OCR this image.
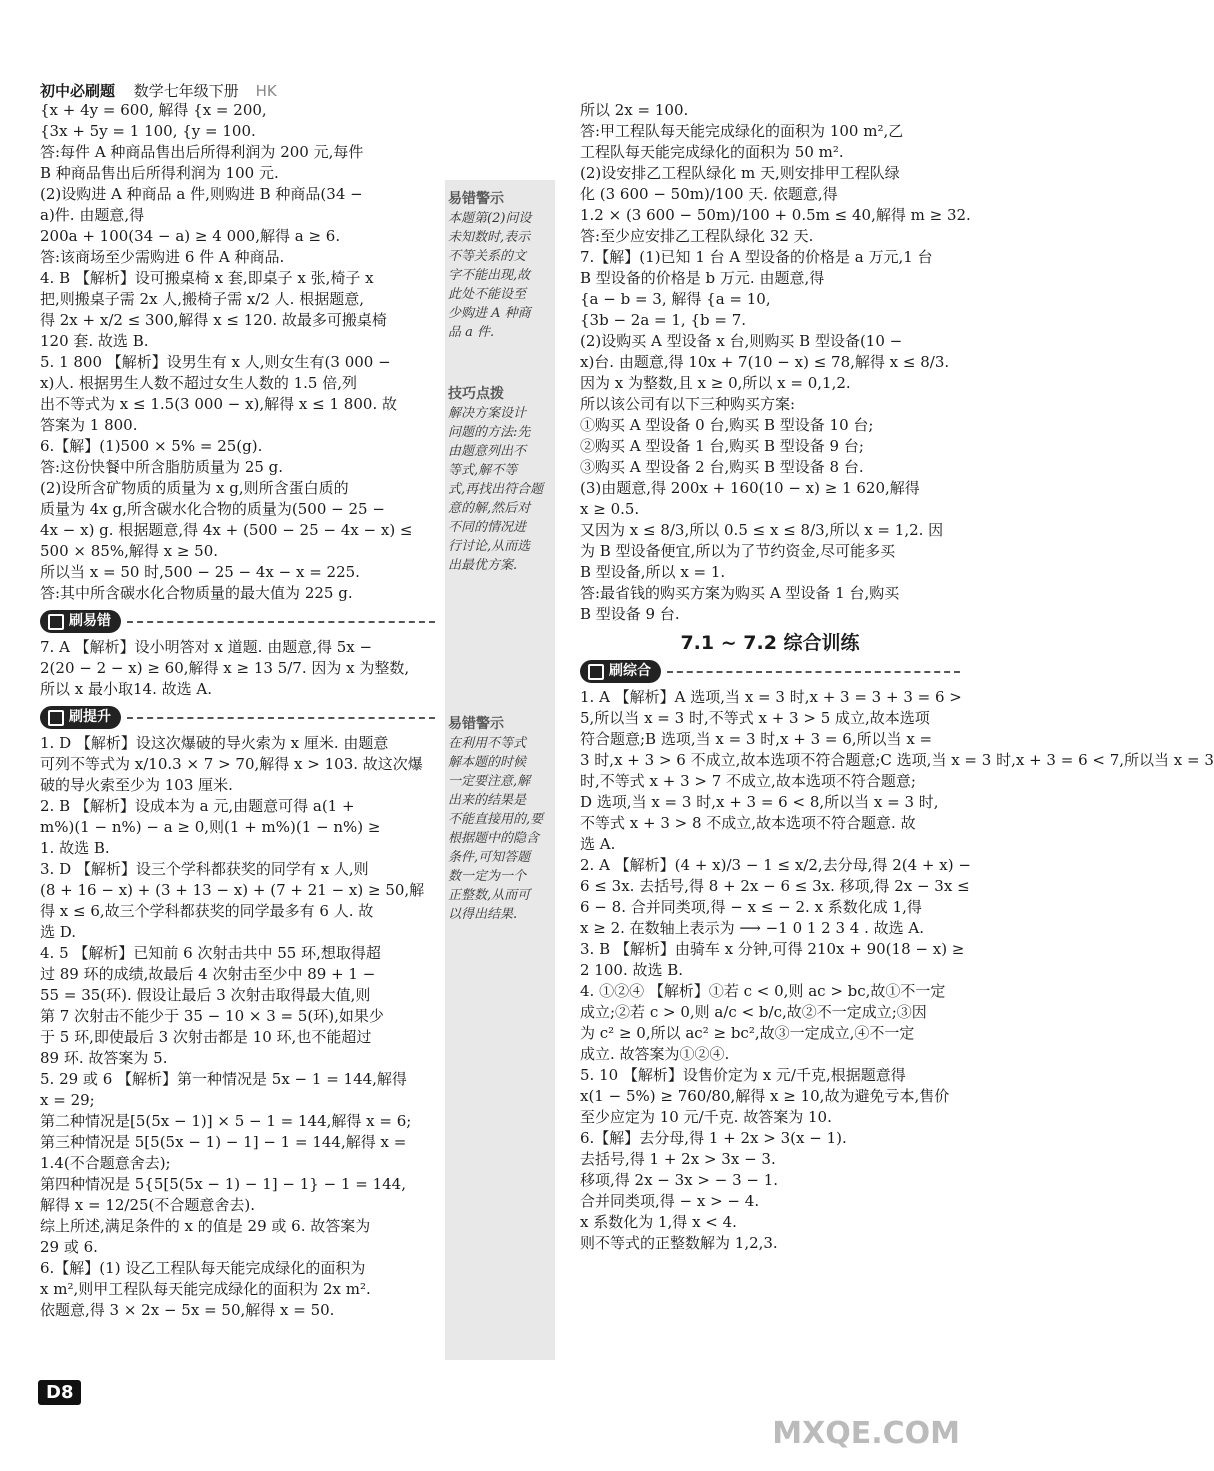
初中必刷题 数学七年级下册 HK
{x + 4y = 600, 解得 {x = 200,
{3x + 5y = 1 100, {y = 100.
答:每件 A 种商品售出后所得利润为 200 元,每件
B 种商品售出后所得利润为 100 元.
(2)设购进 A 种商品 a 件,则购进 B 种商品(34 −
a)件. 由题意,得
200a + 100(34 − a) ≥ 4 000,解得 a ≥ 6.
答:该商场至少需购进 6 件 A 种商品.
4. B 【解析】设可搬桌椅 x 套,即桌子 x 张,椅子 x
把,则搬桌子需 2x 人,搬椅子需 x/2 人. 根据题意,
得 2x + x/2 ≤ 300,解得 x ≤ 120. 故最多可搬桌椅
120 套. 故选 B.
5. 1 800 【解析】设男生有 x 人,则女生有(3 000 −
x)人. 根据男生人数不超过女生人数的 1.5 倍,列
出不等式为 x ≤ 1.5(3 000 − x),解得 x ≤ 1 800. 故
答案为 1 800.
6.【解】(1)500 × 5% = 25(g).
答:这份快餐中所含脂肪质量为 25 g.
(2)设所含矿物质的质量为 x g,则所含蛋白质的
质量为 4x g,所含碳水化合物的质量为(500 − 25 −
4x − x) g. 根据题意,得 4x + (500 − 25 − 4x − x) ≤
500 × 85%,解得 x ≥ 50.
所以当 x = 50 时,500 − 25 − 4x − x = 225.
答:其中所含碳水化合物质量的最大值为 225 g.
刷易错
7. A 【解析】设小明答对 x 道题. 由题意,得 5x −
2(20 − 2 − x) ≥ 60,解得 x ≥ 13 5/7. 因为 x 为整数,
所以 x 最小取14. 故选 A.
刷提升
1. D 【解析】设这次爆破的导火索为 x 厘米. 由题意
可列不等式为 x/10.3 × 7 > 70,解得 x > 103. 故这次爆
破的导火索至少为 103 厘米.
2. B 【解析】设成本为 a 元,由题意可得 a(1 +
m%)(1 − n%) − a ≥ 0,则(1 + m%)(1 − n%) ≥
1. 故选 B.
3. D 【解析】设三个学科都获奖的同学有 x 人,则
(8 + 16 − x) + (3 + 13 − x) + (7 + 21 − x) ≥ 50,解
得 x ≤ 6,故三个学科都获奖的同学最多有 6 人. 故
选 D.
4. 5 【解析】已知前 6 次射击共中 55 环,想取得超
过 89 环的成绩,故最后 4 次射击至少中 89 + 1 −
55 = 35(环). 假设让最后 3 次射击取得最大值,则
第 7 次射击不能少于 35 − 10 × 3 = 5(环),如果少
于 5 环,即使最后 3 次射击都是 10 环,也不能超过
89 环. 故答案为 5.
5. 29 或 6 【解析】第一种情况是 5x − 1 = 144,解得
x = 29;
第二种情况是[5(5x − 1)] × 5 − 1 = 144,解得 x = 6;
第三种情况是 5[5(5x − 1) − 1] − 1 = 144,解得 x =
1.4(不合题意舍去);
第四种情况是 5{5[5(5x − 1) − 1] − 1} − 1 = 144,
解得 x = 12/25(不合题意舍去).
综上所述,满足条件的 x 的值是 29 或 6. 故答案为
29 或 6.
6.【解】(1) 设乙工程队每天能完成绿化的面积为
x m²,则甲工程队每天能完成绿化的面积为 2x m².
依题意,得 3 × 2x − 5x = 50,解得 x = 50.
易错警示
本题第(2)问设
未知数时,表示
不等关系的文
字不能出现,故
此处不能设至
少购进 A 种商
品 a 件.
技巧点拨
解决方案设计
问题的方法:先
由题意列出不
等式,解不等
式,再找出符合题
意的解,然后对
不同的情况进
行讨论,从而选
出最优方案.
易错警示
在利用不等式
解本题的时候
一定要注意,解
出来的结果是
不能直接用的,要
根据题中的隐含
条件,可知答题
数一定为一个
正整数,从而可
以得出结果.
所以 2x = 100.
答:甲工程队每天能完成绿化的面积为 100 m²,乙
工程队每天能完成绿化的面积为 50 m².
(2)设安排乙工程队绿化 m 天,则安排甲工程队绿
化 (3 600 − 50m)/100 天. 依题意,得
1.2 × (3 600 − 50m)/100 + 0.5m ≤ 40,解得 m ≥ 32.
答:至少应安排乙工程队绿化 32 天.
7.【解】(1)已知 1 台 A 型设备的价格是 a 万元,1 台
B 型设备的价格是 b 万元. 由题意,得
{a − b = 3, 解得 {a = 10,
{3b − 2a = 1, {b = 7.
(2)设购买 A 型设备 x 台,则购买 B 型设备(10 −
x)台. 由题意,得 10x + 7(10 − x) ≤ 78,解得 x ≤ 8/3.
因为 x 为整数,且 x ≥ 0,所以 x = 0,1,2.
所以该公司有以下三种购买方案:
①购买 A 型设备 0 台,购买 B 型设备 10 台;
②购买 A 型设备 1 台,购买 B 型设备 9 台;
③购买 A 型设备 2 台,购买 B 型设备 8 台.
(3)由题意,得 200x + 160(10 − x) ≥ 1 620,解得
x ≥ 0.5.
又因为 x ≤ 8/3,所以 0.5 ≤ x ≤ 8/3,所以 x = 1,2. 因
为 B 型设备便宜,所以为了节约资金,尽可能多买
B 型设备,所以 x = 1.
答:最省钱的购买方案为购买 A 型设备 1 台,购买
B 型设备 9 台.
7.1 ~ 7.2 综合训练
刷综合
1. A 【解析】A 选项,当 x = 3 时,x + 3 = 3 + 3 = 6 >
5,所以当 x = 3 时,不等式 x + 3 > 5 成立,故本选项
符合题意;B 选项,当 x = 3 时,x + 3 = 6,所以当 x =
3 时,x + 3 > 6 不成立,故本选项不符合题意;C 选项,当 x = 3 时,x + 3 = 6 < 7,所以当 x = 3
时,不等式 x + 3 > 7 不成立,故本选项不符合题意;
D 选项,当 x = 3 时,x + 3 = 6 < 8,所以当 x = 3 时,
不等式 x + 3 > 8 不成立,故本选项不符合题意. 故
选 A.
2. A 【解析】(4 + x)/3 − 1 ≤ x/2,去分母,得 2(4 + x) −
6 ≤ 3x. 去括号,得 8 + 2x − 6 ≤ 3x. 移项,得 2x − 3x ≤
6 − 8. 合并同类项,得 − x ≤ − 2. x 系数化成 1,得
x ≥ 2. 在数轴上表示为 ⟶ −1 0 1 2 3 4 . 故选 A.
3. B 【解析】由骑车 x 分钟,可得 210x + 90(18 − x) ≥
2 100. 故选 B.
4. ①②④ 【解析】①若 c < 0,则 ac > bc,故①不一定
成立;②若 c > 0,则 a/c < b/c,故②不一定成立;③因
为 c² ≥ 0,所以 ac² ≥ bc²,故③一定成立,④不一定
成立. 故答案为①②④.
5. 10 【解析】设售价定为 x 元/千克,根据题意得
x(1 − 5%) ≥ 760/80,解得 x ≥ 10,故为避免亏本,售价
至少应定为 10 元/千克. 故答案为 10.
6.【解】去分母,得 1 + 2x > 3(x − 1).
去括号,得 1 + 2x > 3x − 3.
移项,得 2x − 3x > − 3 − 1.
合并同类项,得 − x > − 4.
x 系数化为 1,得 x < 4.
则不等式的正整数解为 1,2,3.
D8
MXQE.COM
